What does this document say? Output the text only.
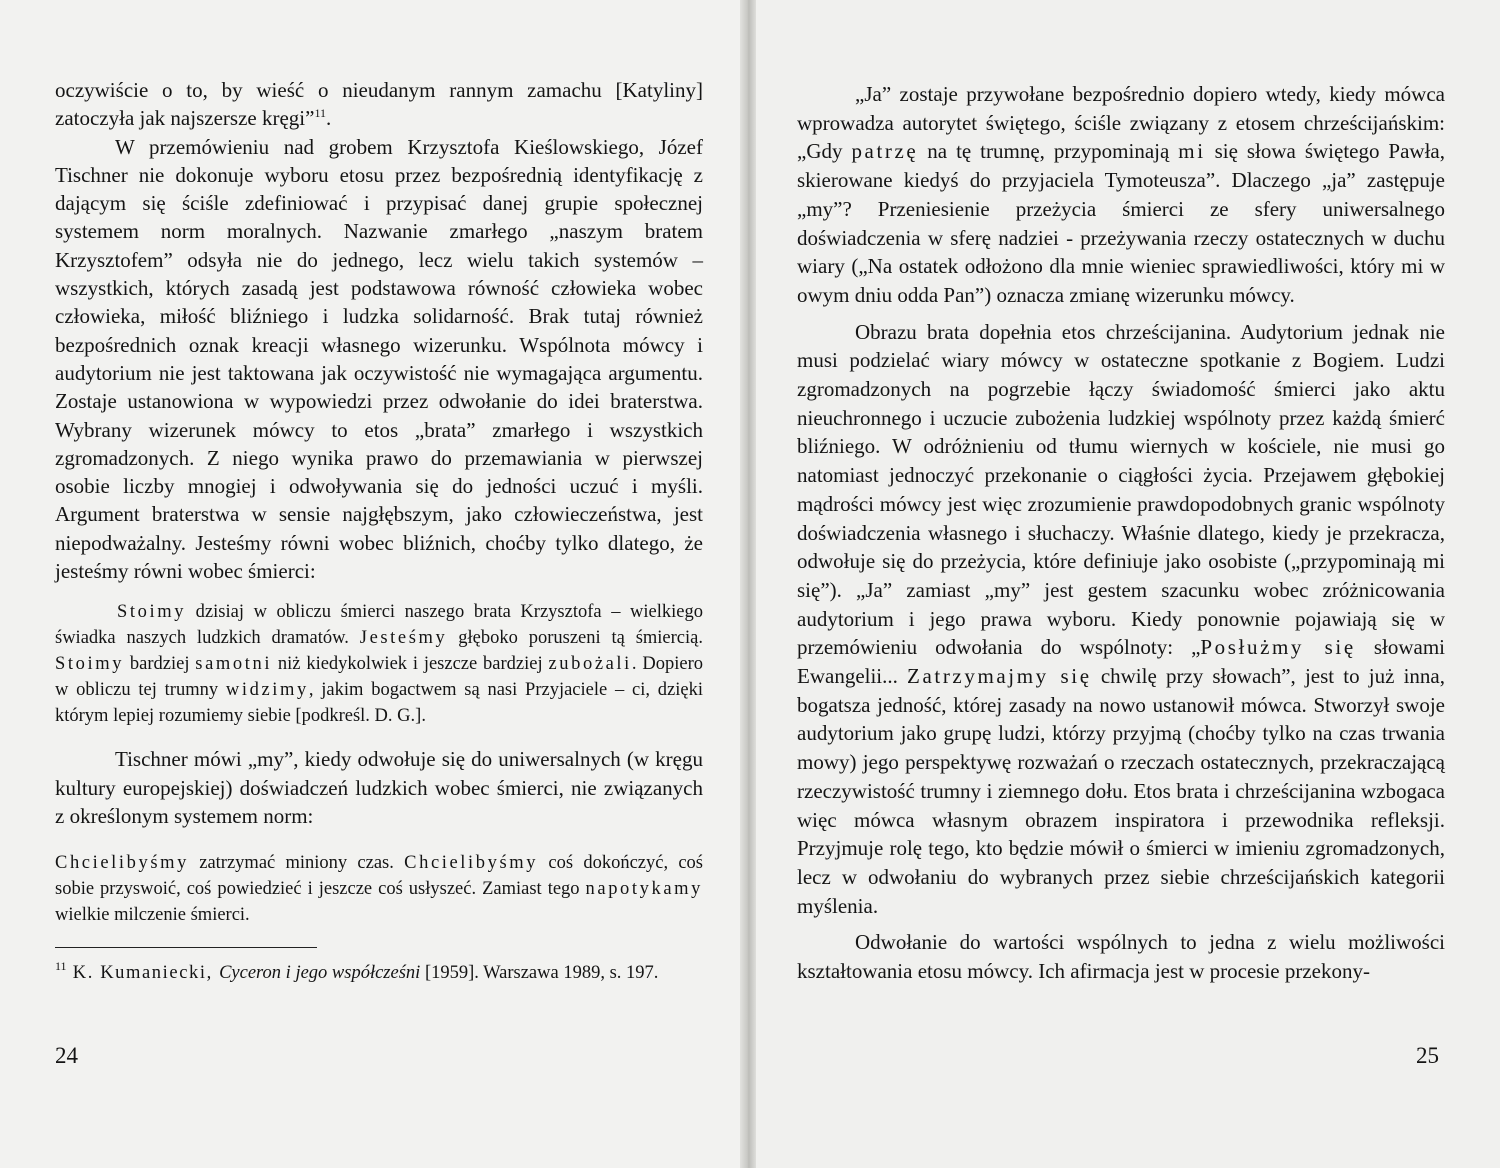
oczywiście o to, by wieść o nieudanym rannym zamachu [Katyliny] zatoczyła jak najszersze kręgi”$^{11}$.

W przemówieniu nad grobem Krzysztofa Kieślowskiego, Józef Tischner nie dokonuje wyboru etosu przez bezpośrednią identyfikację z dającym się ściśle zdefiniować i przypisać danej grupie społecznej systemem norm moralnych. Nazwanie zmarłego „naszym bratem Krzysztofem” odsyła nie do jednego, lecz wielu takich systemów – wszystkich, których zasadą jest podstawowa równość człowieka wobec człowieka, miłość bliźniego i ludzka solidarność. Brak tutaj również bezpośrednich oznak kreacji własnego wizerunku. Wspólnota mówcy i audytorium nie jest taktowana jak oczywistość nie wymagająca argumentu. Zostaje ustanowiona w wypowiedzi przez odwołanie do idei braterstwa. Wybrany wizerunek mówcy to etos „brata” zmarłego i wszystkich zgromadzonych. Z niego wynika prawo do przemawiania w pierwszej osobie liczby mnogiej i odwoływania się do jedności uczuć i myśli. Argument braterstwa w sensie najgłębszym, jako człowieczeństwa, jest niepodważalny. Jesteśmy równi wobec bliźnich, choćby tylko dlatego, że jesteśmy równi wobec śmierci:

Stoimy dzisiaj w obliczu śmierci naszego brata Krzysztofa – wielkiego świadka naszych ludzkich dramatów. Jesteśmy głęboko poruszeni tą śmiercią. Stoimy bardziej samotni niż kiedykolwiek i jeszcze bardziej zubożali. Dopiero w obliczu tej trumny widzimy, jakim bogactwem są nasi Przyjaciele – ci, dzięki którym lepiej rozumiemy siebie [podkreśl. D. G.].

Tischner mówi „my”, kiedy odwołuje się do uniwersalnych (w kręgu kultury europejskiej) doświadczeń ludzkich wobec śmierci, nie związanych z określonym systemem norm:

Chcielibyśmy zatrzymać miniony czas. Chcielibyśmy coś dokończyć, coś sobie przyswoić, coś powiedzieć i jeszcze coś usłyszeć. Zamiast tego napotykamy wielkie milczenie śmierci.

$^{11}$ K. Kumaniecki, Cyceron i jego współcześni [1959]. Warszawa 1989, s. 197.

24

„Ja” zostaje przywołane bezpośrednio dopiero wtedy, kiedy mówca wprowadza autorytet świętego, ściśle związany z etosem chrześcijańskim: „Gdy patrzę na tę trumnę, przypominają mi się słowa świętego Pawła, skierowane kiedyś do przyjaciela Tymoteusza”. Dlaczego „ja” zastępuje „my”? Przeniesienie przeżycia śmierci ze sfery uniwersalnego doświadczenia w sferę nadziei - przeżywania rzeczy ostatecznych w duchu wiary („Na ostatek odłożono dla mnie wieniec sprawiedliwości, który mi w owym dniu odda Pan”) oznacza zmianę wizerunku mówcy.

Obrazu brata dopełnia etos chrześcijanina. Audytorium jednak nie musi podzielać wiary mówcy w ostateczne spotkanie z Bogiem. Ludzi zgromadzonych na pogrzebie łączy świadomość śmierci jako aktu nieuchronnego i uczucie zubożenia ludzkiej wspólnoty przez każdą śmierć bliźniego. W odróżnieniu od tłumu wiernych w kościele, nie musi go natomiast jednoczyć przekonanie o ciągłości życia. Przejawem głębokiej mądrości mówcy jest więc zrozumienie prawdopodobnych granic wspólnoty doświadczenia własnego i słuchaczy. Właśnie dlatego, kiedy je przekracza, odwołuje się do przeżycia, które definiuje jako osobiste („przypominają mi się”). „Ja” zamiast „my” jest gestem szacunku wobec zróżnicowania audytorium i jego prawa wyboru. Kiedy ponownie pojawiają się w przemówieniu odwołania do wspólnoty: „Posłużmy się słowami Ewangelii... Zatrzymajmy się chwilę przy słowach”, jest to już inna, bogatsza jedność, której zasady na nowo ustanowił mówca. Stworzył swoje audytorium jako grupę ludzi, którzy przyjmą (choćby tylko na czas trwania mowy) jego perspektywę rozważań o rzeczach ostatecznych, przekraczającą rzeczywistość trumny i ziemnego dołu. Etos brata i chrześcijanina wzbogaca więc mówca własnym obrazem inspiratora i przewodnika refleksji. Przyjmuje rolę tego, kto będzie mówił o śmierci w imieniu zgromadzonych, lecz w odwołaniu do wybranych przez siebie chrześcijańskich kategorii myślenia.

Odwołanie do wartości wspólnych to jedna z wielu możliwości kształtowania etosu mówcy. Ich afirmacja jest w procesie przekony-

25
